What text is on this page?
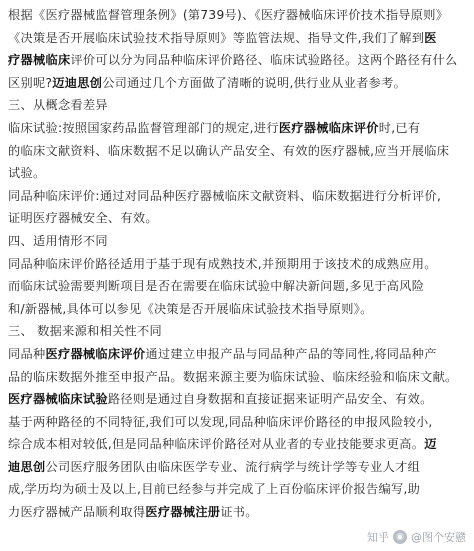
根据《医疗器械监督管理条例》(第739号)、《医疗器械临床评价技术指导原则》
《决策是否开展临床试验技术指导原则》等监管法规、指导文件,我们了解到医
疗器械临床评价可以分为同品种临床评价路径、临床试验路径。这两个路径有什么
区别呢?迈迪思创公司通过几个方面做了清晰的说明,供行业从业者参考。
三、从概念看差异
临床试验:按照国家药品监督管理部门的规定,进行医疗器械临床评价时,已有
的临床文献资料、临床数据不足以确认产品安全、有效的医疗器械,应当开展临床
试验。
同品种临床评价:通过对同品种医疗器械临床文献资料、临床数据进行分析评价,
证明医疗器械安全、有效。
四、适用情形不同
同品种临床评价路径适用于基于现有成熟技术,并预期用于该技术的成熟应用。
而临床试验需要判断项目是否在需要在临床试验中解决新问题,多见于高风险
和/新器械,具体可以参见《决策是否开展临床试验技术指导原则》。
三、 数据来源和相关性不同
同品种医疗器械临床评价通过建立申报产品与同品种产品的等同性,将同品种产
品的临床数据外推至申报产品。数据来源主要为临床试验、临床经验和临床文献。
医疗器械临床试验路径则是通过自身数据和直接证据来证明产品安全、有效。
基于两种路径的不同特征,我们可以发现,同品种临床评价路径的申报风险较小,
综合成本相对较低,但是同品种临床评价路径对从业者的专业技能要求更高。迈
迪思创公司医疗服务团队由临床医学专业、流行病学与统计学等专业人才组
成,学历均为硕士及以上,目前已经参与并完成了上百份临床评价报告编写,助
力医疗器械产品顺利取得医疗器械注册证书。
知乎 ◉ @图个安戆
